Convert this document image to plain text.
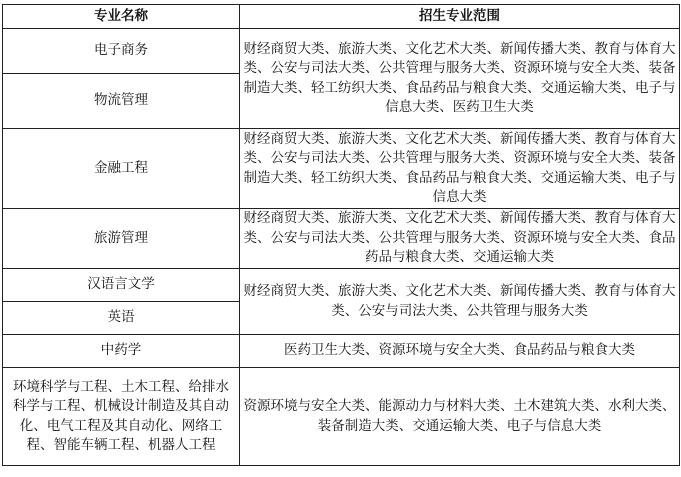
专业名称	招生专业范围
电子商务	财经商贸大类、旅游大类、文化艺术大类、新闻传播大类、教育与体育大类、公安与司法大类、公共管理与服务大类、资源环境与安全大类、装备制造大类、轻工纺织大类、食品药品与粮食大类、交通运输大类、电子与信息大类、医药卫生大类
物流管理	
金融工程	财经商贸大类、旅游大类、文化艺术大类、新闻传播大类、教育与体育大类、公安与司法大类、公共管理与服务大类、资源环境与安全大类、装备制造大类、轻工纺织大类、食品药品与粮食大类、交通运输大类、电子与信息大类
旅游管理	财经商贸大类、旅游大类、文化艺术大类、新闻传播大类、教育与体育大类、公安与司法大类、公共管理与服务大类、资源环境与安全大类、食品药品与粮食大类、交通运输大类
汉语言文学	财经商贸大类、旅游大类、文化艺术大类、新闻传播大类、教育与体育大类、公安与司法大类、公共管理与服务大类
英语	
中药学	医药卫生大类、资源环境与安全大类、食品药品与粮食大类
环境科学与工程、土木工程、给排水科学与工程、机械设计制造及其自动化、电气工程及其自动化、网络工程、智能车辆工程、机器人工程	资源环境与安全大类、能源动力与材料大类、土木建筑大类、水利大类、装备制造大类、交通运输大类、电子与信息大类
